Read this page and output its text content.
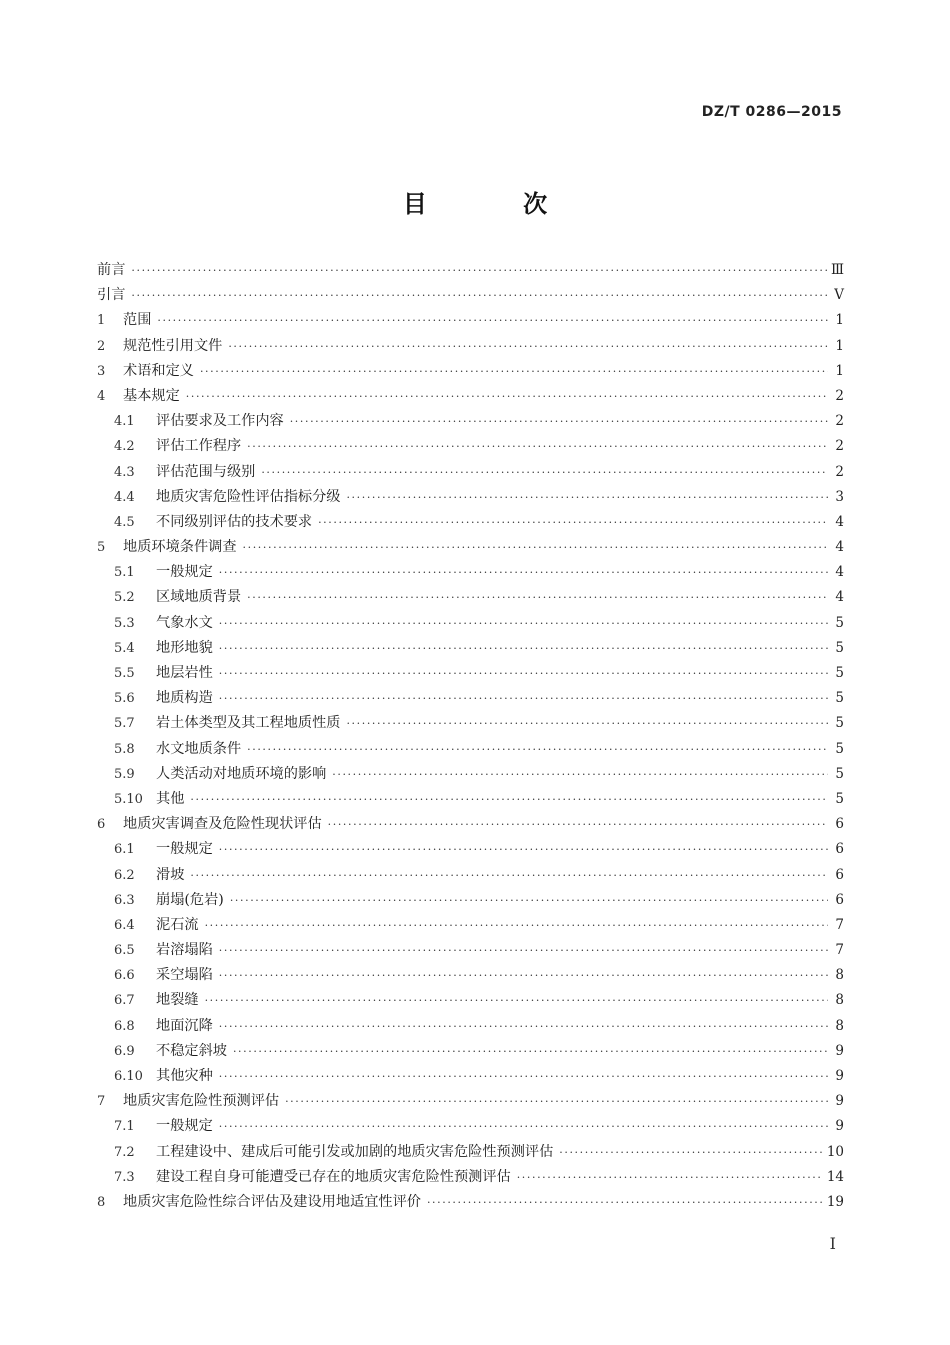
DZ/T 0286—2015
目 次
前言 ·····	Ⅲ
引言 ·····	Ⅴ
1	范围 ·····	1
2	规范性引用文件 ·····	1
3	术语和定义 ·····	1
4	基本规定 ·····	2
4.1	评估要求及工作内容 ·····	2
4.2	评估工作程序 ·····	2
4.3	评估范围与级别 ·····	2
4.4	地质灾害危险性评估指标分级 ·····	3
4.5	不同级别评估的技术要求 ·····	4
5	地质环境条件调查 ·····	4
5.1	一般规定 ·····	4
5.2	区域地质背景 ·····	4
5.3	气象水文 ·····	5
5.4	地形地貌 ·····	5
5.5	地层岩性 ·····	5
5.6	地质构造 ·····	5
5.7	岩土体类型及其工程地质性质 ·····	5
5.8	水文地质条件 ·····	5
5.9	人类活动对地质环境的影响 ·····	5
5.10 其他 ·····	5
6	地质灾害调查及危险性现状评估 ·····	6
6.1	一般规定 ·····	6
6.2	滑坡 ·····	6
6.3	崩塌(危岩) ·····	6
6.4	泥石流 ·····	7
6.5	岩溶塌陷 ·····	7
6.6	采空塌陷 ·····	8
6.7	地裂缝 ·····	8
6.8	地面沉降 ·····	8
6.9	不稳定斜坡 ·····	9
6.10 其他灾种 ·····	9
7	地质灾害危险性预测评估 ·····	9
7.1	一般规定 ·····	9
7.2	工程建设中、建成后可能引发或加剧的地质灾害危险性预测评估 ·····	10
7.3	建设工程自身可能遭受已存在的地质灾害危险性预测评估 ·····	14
8	地质灾害危险性综合评估及建设用地适宜性评价 ·····	19
Ⅰ
